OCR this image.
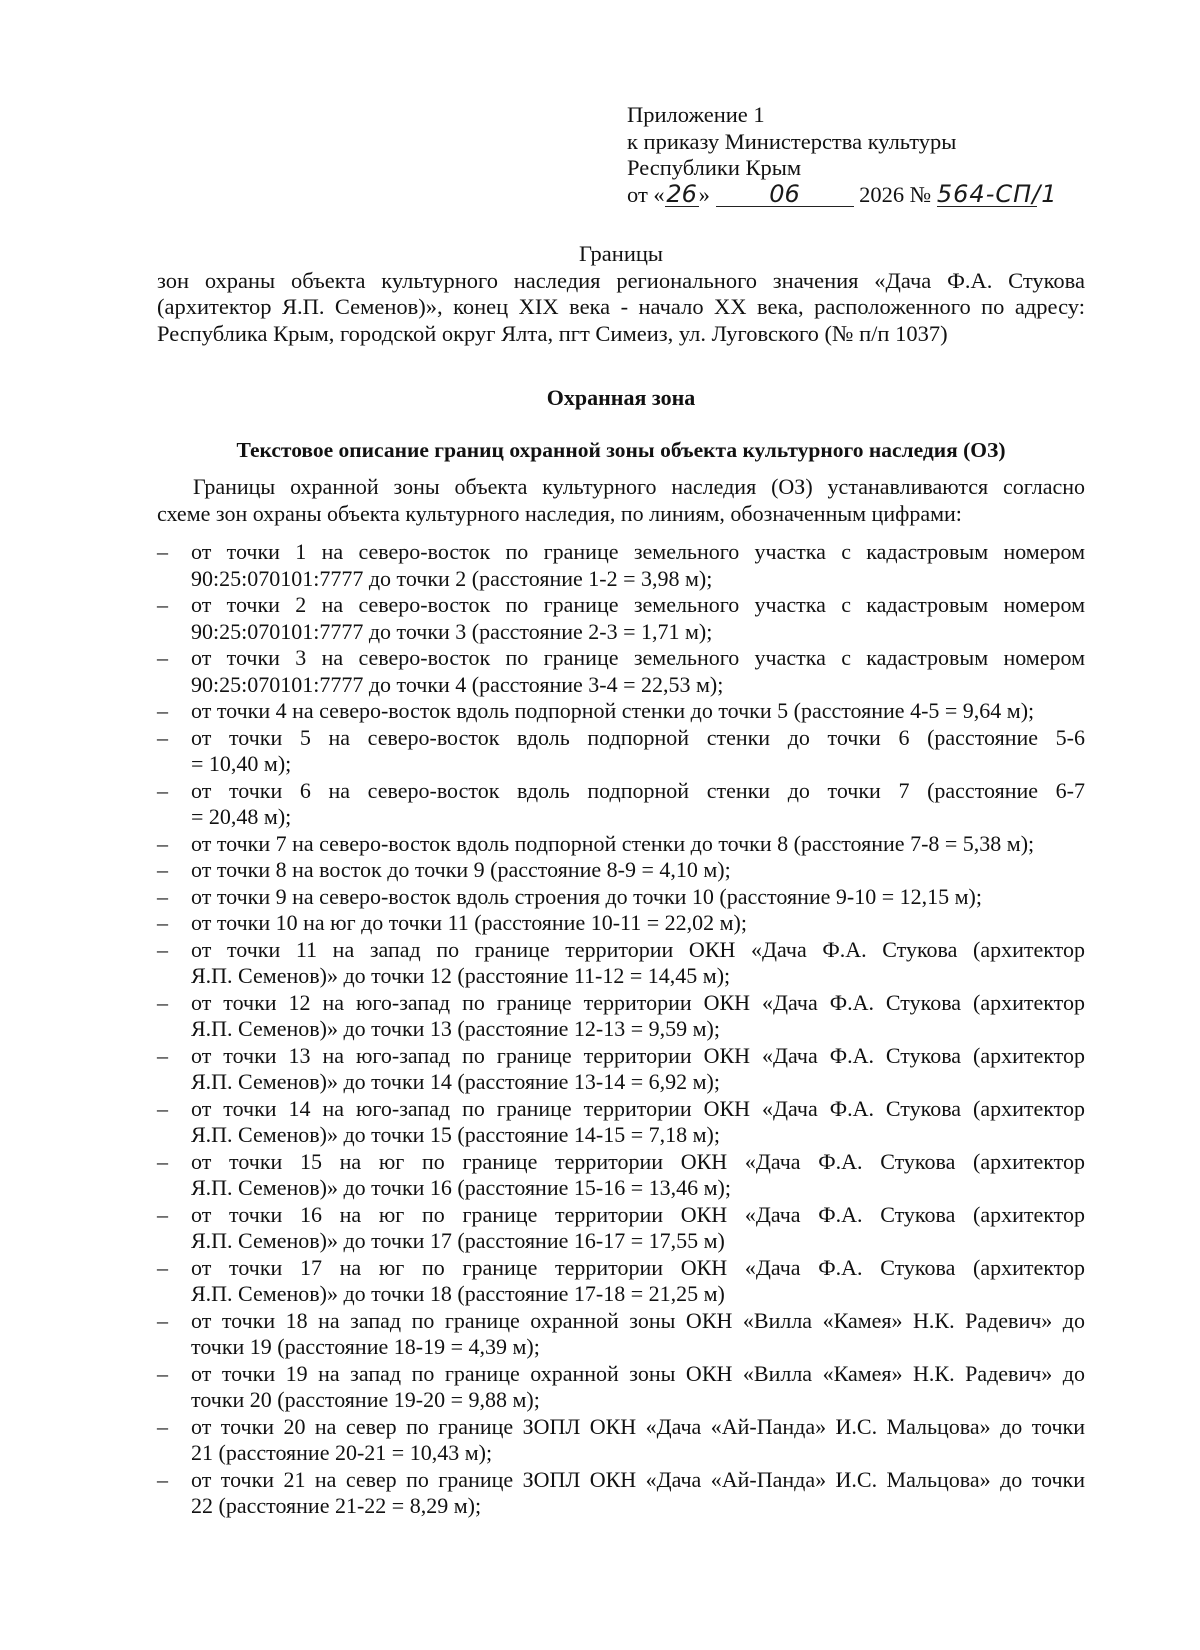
Приложение 1
к приказу Министерства культуры
Республики Крым
от «26» 06	2026 № 564-СП/1
Границы
зон охраны объекта культурного наследия регионального значения «Дача Ф.А. Стукова
(архитектор Я.П. Семенов)», конец XIX века - начало XX века, расположенного по адресу:
Республика Крым, городской округ Ялта, пгт Симеиз, ул. Луговского (№ п/п 1037)
Охранная зона
Текстовое описание границ охранной зоны объекта культурного наследия (ОЗ)
Границы охранной зоны объекта культурного наследия (ОЗ) устанавливаются согласно
схеме зон охраны объекта культурного наследия, по линиям, обозначенным цифрами:
– от точки 1 на северо-восток по границе земельного участка с кадастровым номером
90:25:070101:7777 до точки 2 (расстояние 1-2 = 3,98 м);
– от точки 2 на северо-восток по границе земельного участка с кадастровым номером
90:25:070101:7777 до точки 3 (расстояние 2-3 = 1,71 м);
– от точки 3 на северо-восток по границе земельного участка с кадастровым номером
90:25:070101:7777 до точки 4 (расстояние 3-4 = 22,53 м);
– от точки 4 на северо-восток вдоль подпорной стенки до точки 5 (расстояние 4-5 = 9,64 м);
– от точки 5 на северо-восток вдоль подпорной стенки до точки 6 (расстояние 5-6
= 10,40 м);
– от точки 6 на северо-восток вдоль подпорной стенки до точки 7 (расстояние 6-7
= 20,48 м);
– от точки 7 на северо-восток вдоль подпорной стенки до точки 8 (расстояние 7-8 = 5,38 м);
– от точки 8 на восток до точки 9 (расстояние 8-9 = 4,10 м);
– от точки 9 на северо-восток вдоль строения до точки 10 (расстояние 9-10 = 12,15 м);
– от точки 10 на юг до точки 11 (расстояние 10-11 = 22,02 м);
– от точки 11 на запад по границе территории ОКН «Дача Ф.А. Стукова (архитектор
Я.П. Семенов)» до точки 12 (расстояние 11-12 = 14,45 м);
– от точки 12 на юго-запад по границе территории ОКН «Дача Ф.А. Стукова (архитектор
Я.П. Семенов)» до точки 13 (расстояние 12-13 = 9,59 м);
– от точки 13 на юго-запад по границе территории ОКН «Дача Ф.А. Стукова (архитектор
Я.П. Семенов)» до точки 14 (расстояние 13-14 = 6,92 м);
– от точки 14 на юго-запад по границе территории ОКН «Дача Ф.А. Стукова (архитектор
Я.П. Семенов)» до точки 15 (расстояние 14-15 = 7,18 м);
– от точки 15 на юг по границе территории ОКН «Дача Ф.А. Стукова (архитектор
Я.П. Семенов)» до точки 16 (расстояние 15-16 = 13,46 м);
– от точки 16 на юг по границе территории ОКН «Дача Ф.А. Стукова (архитектор
Я.П. Семенов)» до точки 17 (расстояние 16-17 = 17,55 м)
– от точки 17 на юг по границе территории ОКН «Дача Ф.А. Стукова (архитектор
Я.П. Семенов)» до точки 18 (расстояние 17-18 = 21,25 м)
– от точки 18 на запад по границе охранной зоны ОКН «Вилла «Камея» Н.К. Радевич» до
точки 19 (расстояние 18-19 = 4,39 м);
– от точки 19 на запад по границе охранной зоны ОКН «Вилла «Камея» Н.К. Радевич» до
точки 20 (расстояние 19-20 = 9,88 м);
– от точки 20 на север по границе ЗОПЛ ОКН «Дача «Ай-Панда» И.С. Мальцова» до точки
21 (расстояние 20-21 = 10,43 м);
– от точки 21 на север по границе ЗОПЛ ОКН «Дача «Ай-Панда» И.С. Мальцова» до точки
22 (расстояние 21-22 = 8,29 м);
